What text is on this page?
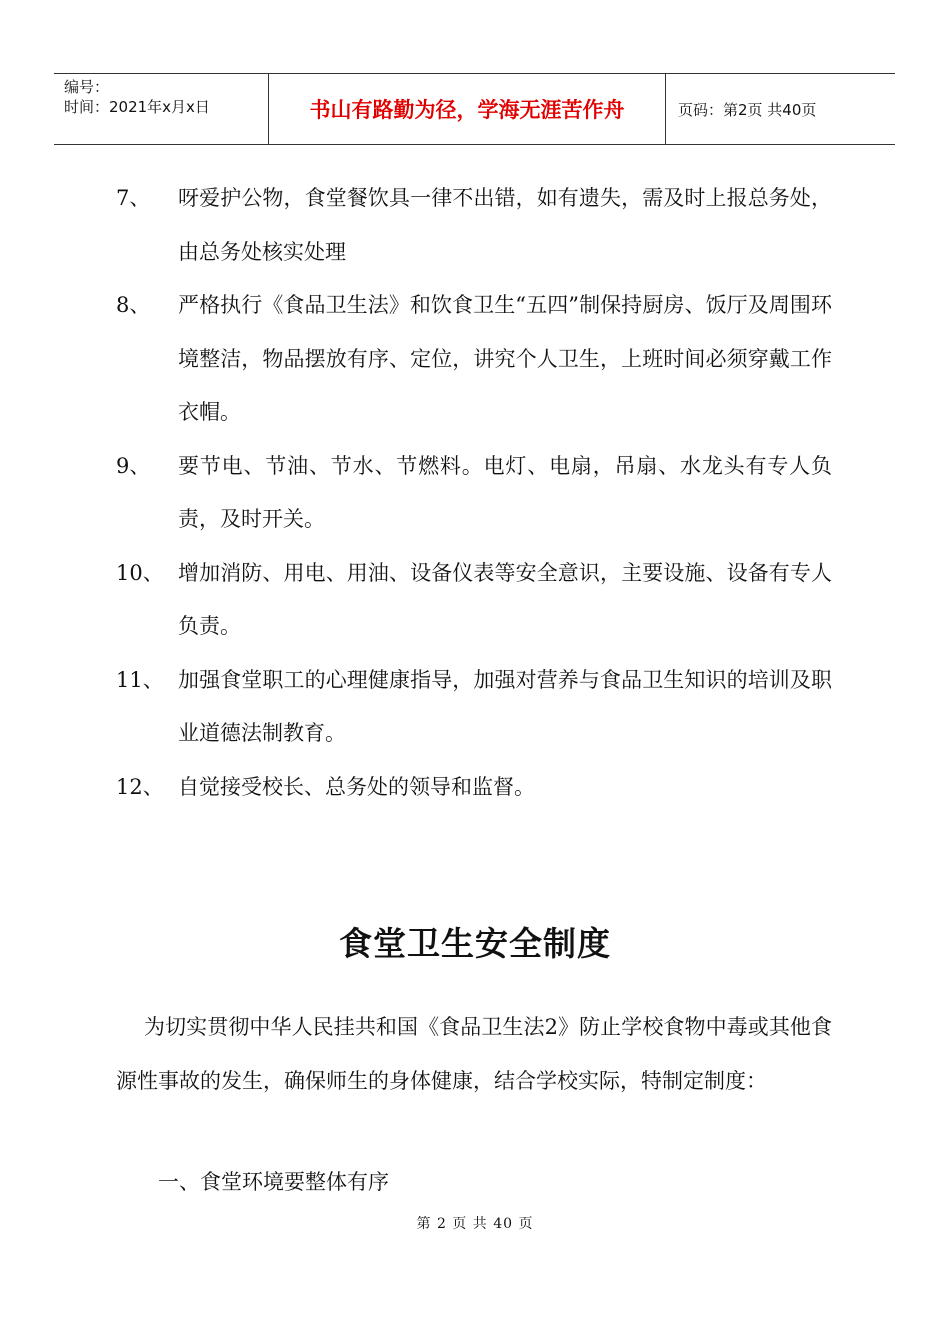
编号：
时间：2021年x月x日	书山有路勤为径，学海无涯苦作舟	页码：第2页 共40页
7、 呀爱护公物，食堂餐饮具一律不出错，如有遗失，需及时上报总务处，由总务处核实处理
8、 严格执行《食品卫生法》和饮食卫生“五四”制保持厨房、饭厅及周围环境整洁，物品摆放有序、定位，讲究个人卫生，上班时间必须穿戴工作衣帽。
9、 要节电、节油、节水、节燃料。电灯、电扇，吊扇、水龙头有专人负责，及时开关。
10、 增加消防、用电、用油、设备仪表等安全意识，主要设施、设备有专人负责。
11、 加强食堂职工的心理健康指导，加强对营养与食品卫生知识的培训及职业道德法制教育。
12、 自觉接受校长、总务处的领导和监督。
食堂卫生安全制度
为切实贯彻中华人民挂共和国《食品卫生法2》防止学校食物中毒或其他食源性事故的发生，确保师生的身体健康，结合学校实际，特制定制度：
一、食堂环境要整体有序
第 2 页 共 40 页
